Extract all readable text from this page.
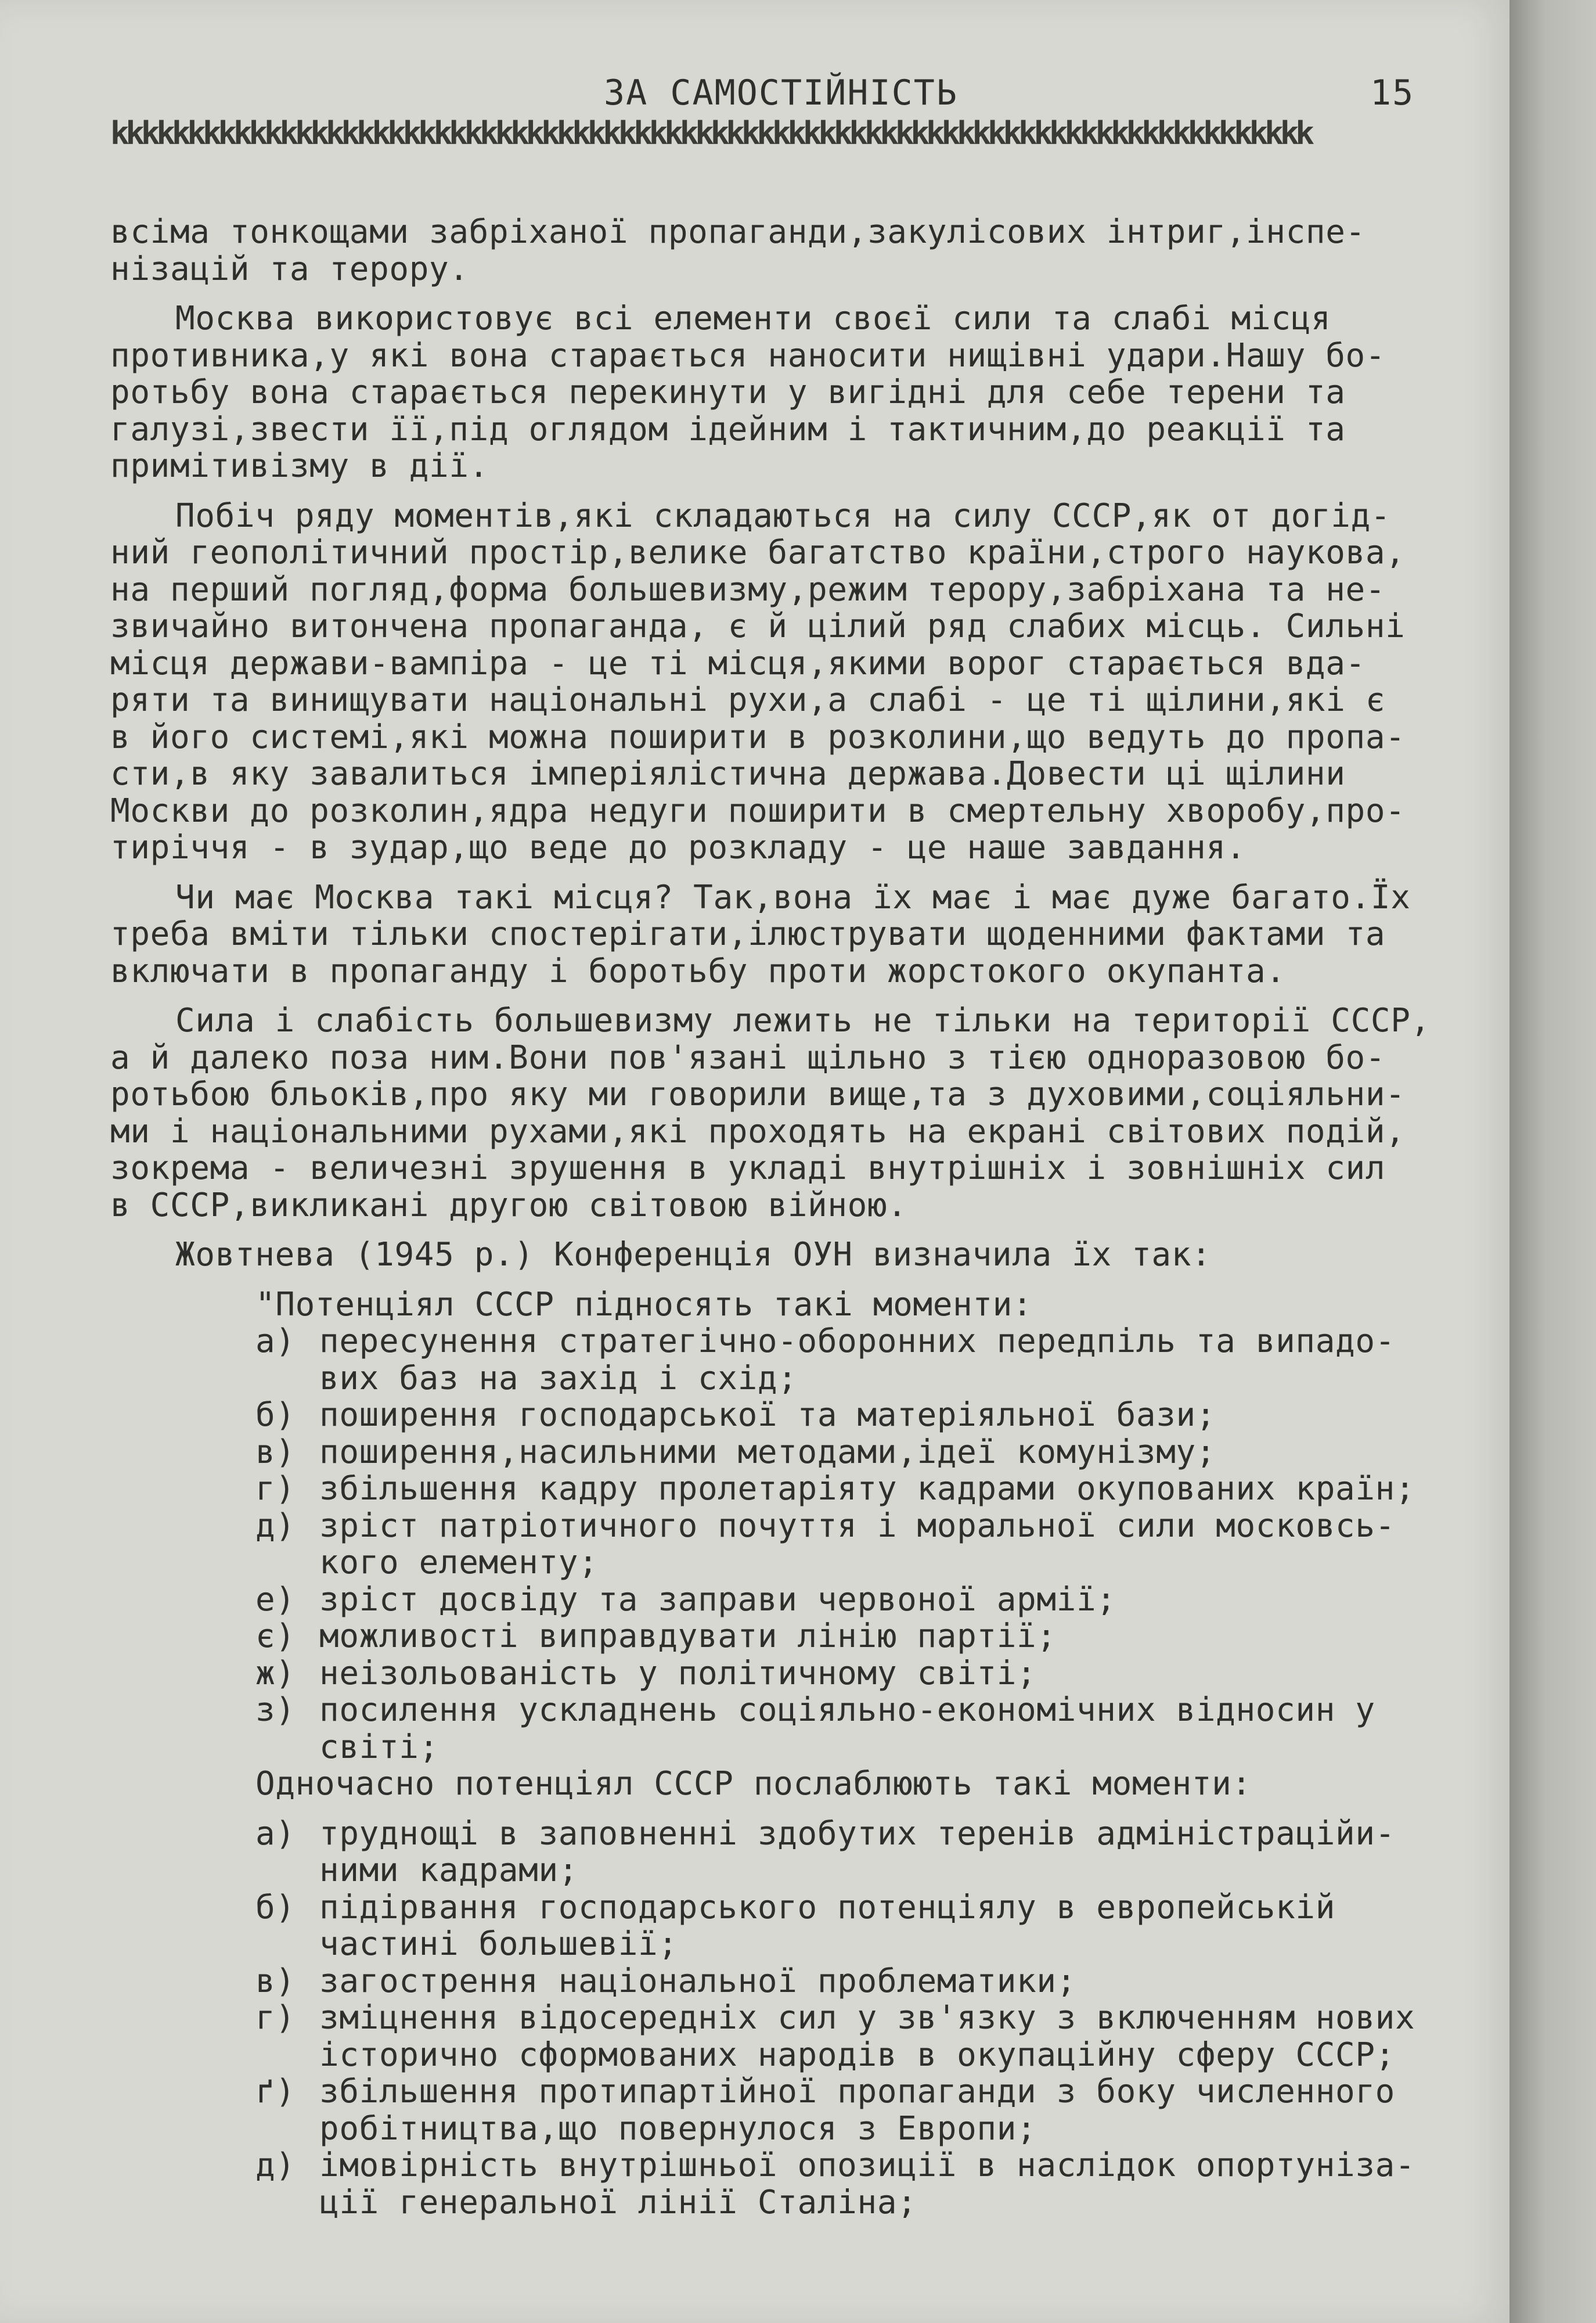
ЗА САМОСТІЙНІСТЬ	15
kkkkkkkkkkkkkkkkkkkkkkkkkkkkkkkkkkkkkkkkkkkkkkkkkkkkkkkkkkkkkkkkkkkkkkkkkkkkkk

всіма тонкощами забріханої пропаганди,закулісових інтриг,інспе-
нізацій та терору.

Москва використовує всі елементи своєї сили та слабі місця
противника,у які вона старається наносити нищівні удари.Нашу бо-
ротьбу вона старається перекинути у вигідні для себе терени та
галузі,звести її,під оглядом ідейним і тактичним,до реакції та
примітивізму в дії.

Побіч ряду моментів,які складаються на силу СССР,як от догід-
ний геополітичний простір,велике багатство країни,строго наукова,
на перший погляд,форма большевизму,режим терору,забріхана та не-
звичайно витончена пропаганда, є й цілий ряд слабих місць. Сильні
місця держави-вампіра - це ті місця,якими ворог старається вда-
ряти та винищувати національні рухи,а слабі - це ті щілини,які є
в його системі,які можна поширити в розколини,що ведуть до пропа-
сти,в яку завалиться імперіялістична держава.Довести ці щілини
Москви до розколин,ядра недуги поширити в смертельну хворобу,про-
тиріччя - в зудар,що веде до розкладу - це наше завдання.

Чи має Москва такі місця? Так,вона їх має і має дуже багато.Їх
треба вміти тільки спостерігати,ілюструвати щоденними фактами та
включати в пропаганду і боротьбу проти жорстокого окупанта.

Сила і слабість большевизму лежить не тільки на території СССР,
а й далеко поза ним.Вони пов'язані щільно з тією одноразовою бо-
ротьбою бльоків,про яку ми говорили вище,та з духовими,соціяльни-
ми і національними рухами,які проходять на екрані світових подій,
зокрема - величезні зрушення в укладі внутрішніх і зовнішніх сил
в СССР,викликані другою світовою війною.

Жовтнева (1945 р.) Конференція ОУН визначила їх так:

"Потенціял СССР підносять такі моменти:
а) пересунення стратегічно-оборонних передпіль та випадо-
вих баз на захід і схід;
б) поширення господарської та матеріяльної бази;
в) поширення,насильними методами,ідеї комунізму;
г) збільшення кадру пролетаріяту кадрами окупованих країн;
д) зріст патріотичного почуття і моральної сили московсь-
кого елементу;
е) зріст досвіду та заправи червоної армії;
є) можливості виправдувати лінію партії;
ж) неізольованість у політичному світі;
з) посилення ускладнень соціяльно-економічних відносин у
світі;
Одночасно потенціял СССР послаблюють такі моменти:
а) труднощі в заповненні здобутих теренів адміністраційи-
ними кадрами;
б) підірвання господарського потенціялу в европейській
частині большевії;
в) загострення національної проблематики;
г) зміцнення відосередніх сил у зв'язку з включенням нових
історично сформованих народів в окупаційну сферу СССР;
ґ) збільшення протипартійної пропаганди з боку численного
робітництва,що повернулося з Европи;
д) імовірність внутрішньої опозиції в наслідок опортуніза-
ції генеральної лінії Сталіна;
